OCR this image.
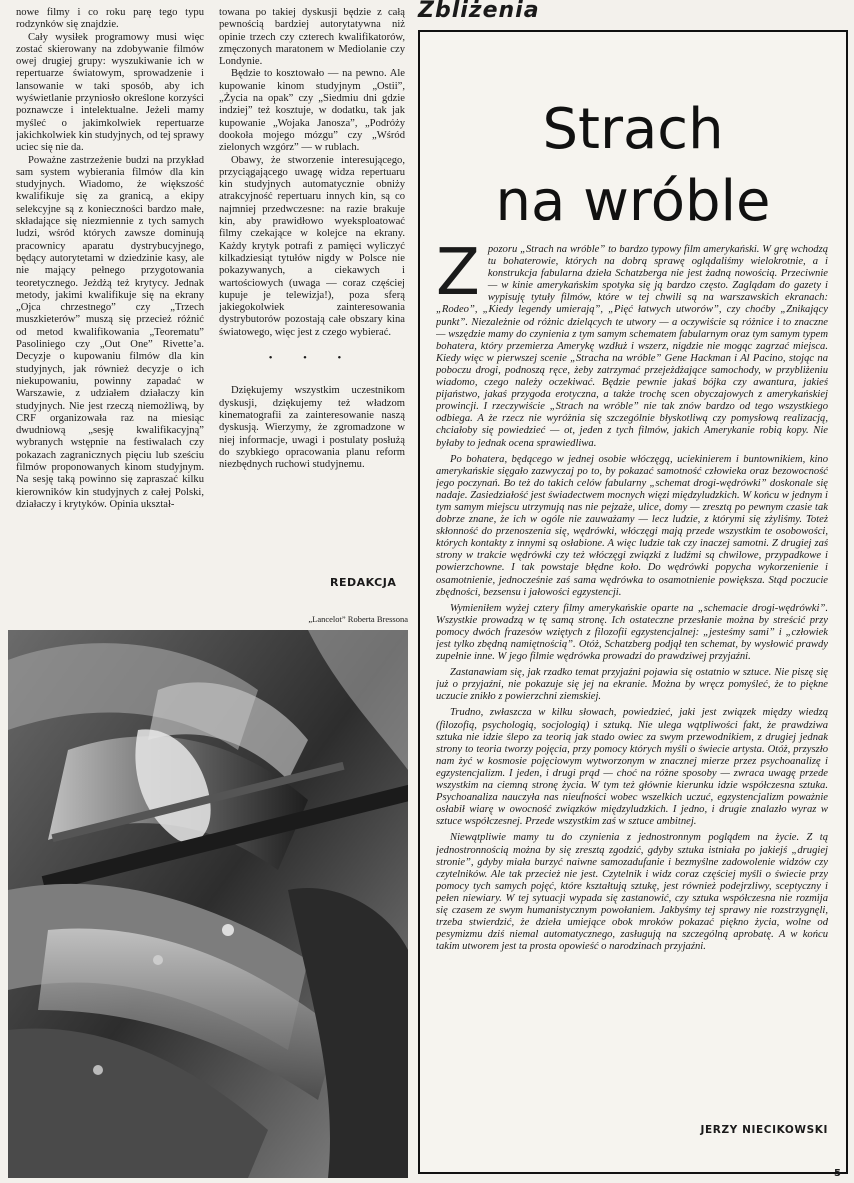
Zbliżenia

nowe filmy i co roku parę tego typu rodzynków się znajdzie.

Cały wysiłek programowy musi więc zostać skierowany na zdobywanie filmów owej drugiej grupy: wyszukiwanie ich w repertuarze światowym, sprowadzenie i lansowanie w taki sposób, aby ich wyświetlanie przyniosło określone korzyści poznawcze i intelektualne. Jeżeli mamy myśleć o jakimkolwiek repertuarze jakichkolwiek kin studyjnych, od tej sprawy uciec się nie da.

Poważne zastrzeżenie budzi na przykład sam system wybierania filmów dla kin studyjnych. Wiadomo, że większość kwalifikuje się za granicą, a ekipy selekcyjne są z konieczności bardzo małe, składające się niezmiennie z tych samych ludzi, wśród których zawsze dominują pracownicy aparatu dystrybucyjnego, będący autorytetami w dziedzinie kasy, ale nie mający pełnego przygotowania teoretycznego. Jeżdżą też krytycy. Jednak metody, jakimi kwalifikuje się na ekrany „Ojca chrzestnego” czy „Trzech muszkieterów” muszą się przecież różnić od metod kwalifikowania „Teorematu” Pasoliniego czy „Out One” Rivette’a. Decyzje o kupowaniu filmów dla kin studyjnych, jak również decyzje o ich niekupowaniu, powinny zapadać w Warszawie, z udziałem działaczy kin studyjnych. Nie jest rzeczą niemożliwą, by CRF organizowała raz na miesiąc dwudniową „sesję kwalifikacyjną” wybranych wstępnie na festiwalach czy pokazach zagranicznych pięciu lub sześciu filmów proponowanych kinom studyjnym. Na sesję taką powinno się zapraszać kilku kierowników kin studyjnych z całej Polski, działaczy i krytyków. Opinia ukształ-

towana po takiej dyskusji będzie z całą pewnością bardziej autorytatywna niż opinie trzech czy czterech kwalifikatorów, zmęczonych maratonem w Mediolanie czy Londynie.

Będzie to kosztowało — na pewno. Ale kupowanie kinom studyjnym „Ostii”, „Życia na opak” czy „Siedmiu dni gdzie indziej” też kosztuje, w dodatku, tak jak kupowanie „Wojaka Janosza”, „Podróży dookoła mojego mózgu” czy „Wśród zielonych wzgórz” — w rublach.

Obawy, że stworzenie interesującego, przyciągającego uwagę widza repertuaru kin studyjnych automatycznie obniży atrakcyjność repertuaru innych kin, są co najmniej przedwczesne: na razie brakuje kin, aby prawidłowo wyeksploatować filmy czekające w kolejce na ekrany. Każdy krytyk potrafi z pamięci wyliczyć kilkadziesiąt tytułów nigdy w Polsce nie pokazywanych, a ciekawych i wartościowych (uwaga — coraz częściej kupuje je telewizja!), poza sferą jakiegokolwiek zainteresowania dystrybutorów pozostają całe obszary kina światowego, więc jest z czego wybierać.

• • •

Dziękujemy wszystkim uczestnikom dyskusji, dziękujemy też władzom kinematografii za zainteresowanie naszą dyskusją. Wierzymy, że zgromadzone w niej informacje, uwagi i postulaty posłużą do szybkiego opracowania planu reform niezbędnych ruchowi studyjnemu.

REDAKCJA
„Lancelot” Roberta Bressona
Strach
na wróble

Zpozoru „Strach na wróble” to bardzo typowy film amerykański. W grę wchodzą tu bohaterowie, których na dobrą sprawę oglądaliśmy wielokrotnie, a i konstrukcja fabularna dzieła Schatzberga nie jest żadną nowością. Przeciwnie — w kinie amerykańskim spotyka się ją bardzo często. Zaglądam do gazety i wypisuję tytuły filmów, które w tej chwili są na warszawskich ekranach: „Rodeo”, „Kiedy legendy umierają”, „Pięć łatwych utworów”, czy choćby „Znikający punkt”. Niezależnie od różnic dzielących te utwory — a oczywiście są różnice i to znaczne — wszędzie mamy do czynienia z tym samym schematem fabularnym oraz tym samym typem bohatera, który przemierza Amerykę wzdłuż i wszerz, nigdzie nie mogąc zagrzać miejsca. Kiedy więc w pierwszej scenie „Stracha na wróble” Gene Hackman i Al Pacino, stojąc na poboczu drogi, podnoszą ręce, żeby zatrzymać przejeżdżające samochody, w przybliżeniu wiadomo, czego należy oczekiwać. Będzie pewnie jakaś bójka czy awantura, jakieś pijaństwo, jakaś przygoda erotyczna, a także trochę scen obyczajowych z amerykańskiej prowincji. I rzeczywiście „Strach na wróble” nie tak znów bardzo od tego wszystkiego odbiega. A że rzecz nie wyróżnia się szczególnie błyskotliwą czy pomysłową realizacją, chciałoby się powiedzieć — ot, jeden z tych filmów, jakich Amerykanie robią kopy. Nie byłaby to jednak ocena sprawiedliwa.

Po bohatera, będącego w jednej osobie włóczęgą, uciekinierem i buntownikiem, kino amerykańskie sięgało zazwyczaj po to, by pokazać samotność człowieka oraz bezowocność jego poczynań. Bo też do takich celów fabularny „schemat drogi-wędrówki” doskonale się nadaje. Zasiedziałość jest świadectwem mocnych więzi międzyludzkich. W końcu w jednym i tym samym miejscu utrzymują nas nie pejzaże, ulice, domy — zresztą po pewnym czasie tak dobrze znane, że ich w ogóle nie zauważamy — lecz ludzie, z którymi się zżyliśmy. Toteż skłonność do przenoszenia się, wędrówki, włóczęgi mają przede wszystkim te osobowości, których kontakty z innymi są osłabione. A więc ludzie tak czy inaczej samotni. Z drugiej zaś strony w trakcie wędrówki czy też włóczęgi związki z ludźmi są chwilowe, przypadkowe i powierzchowne. I tak powstaje błędne koło. Do wędrówki popycha wykorzenienie i osamotnienie, jednocześnie zaś sama wędrówka to osamotnienie powiększa. Stąd poczucie zbędności, bezsensu i jałowości egzystencji.

Wymieniłem wyżej cztery filmy amerykańskie oparte na „schemacie drogi-wędrówki”. Wszystkie prowadzą w tę samą stronę. Ich ostateczne przesłanie można by streścić przy pomocy dwóch frazesów wziętych z filozofii egzystencjalnej: „jesteśmy sami” i „człowiek jest tylko zbędną namiętnością”. Otóż, Schatzberg podjął ten schemat, by wysłowić prawdy zupełnie inne. W jego filmie wędrówka prowadzi do prawdziwej przyjaźni.

Zastanawiam się, jak rzadko temat przyjaźni pojawia się ostatnio w sztuce. Nie piszę się już o przyjaźni, nie pokazuje się jej na ekranie. Można by wręcz pomyśleć, że to piękne uczucie znikło z powierzchni ziemskiej.

Trudno, zwłaszcza w kilku słowach, powiedzieć, jaki jest związek między wiedzą (filozofią, psychologią, socjologią) i sztuką. Nie ulega wątpliwości fakt, że prawdziwa sztuka nie idzie ślepo za teorią jak stado owiec za swym przewodnikiem, z drugiej jednak strony to teoria tworzy pojęcia, przy pomocy których myśli o świecie artysta. Otóż, przyszło nam żyć w kosmosie pojęciowym wytworzonym w znacznej mierze przez psychoanalizę i egzystencjalizm. I jeden, i drugi prąd — choć na różne sposoby — zwraca uwagę przede wszystkim na ciemną stronę życia. W tym też głównie kierunku idzie współczesna sztuka. Psychoanaliza nauczyła nas nieufności wobec wszelkich uczuć, egzystencjalizm poważnie osłabił wiarę w owocność związków międzyludzkich. I jedno, i drugie znalazło wyraz w sztuce współczesnej. Przede wszystkim zaś w sztuce ambitnej.

Niewątpliwie mamy tu do czynienia z jednostronnym poglądem na życie. Z tą jednostronnością można by się zresztą zgodzić, gdyby sztuka istniała po jakiejś „drugiej stronie”, gdyby miała burzyć naiwne samozadufanie i bezmyślne zadowolenie widzów czy czytelników. Ale tak przecież nie jest. Czytelnik i widz coraz częściej myśli o świecie przy pomocy tych samych pojęć, które kształtują sztukę, jest również podejrzliwy, sceptyczny i pełen niewiary. W tej sytuacji wypada się zastanowić, czy sztuka współczesna nie rozmija się czasem ze swym humanistycznym powołaniem. Jakbyśmy tej sprawy nie rozstrzygnęli, trzeba stwierdzić, że dzieła umiejące obok mroków pokazać piękno życia, wolne od pesymizmu dziś niemal automatycznego, zasługują na szczególną aprobatę. A w końcu takim utworem jest ta prosta opowieść o narodzinach przyjaźni.

JERZY NIECIKOWSKI
5
